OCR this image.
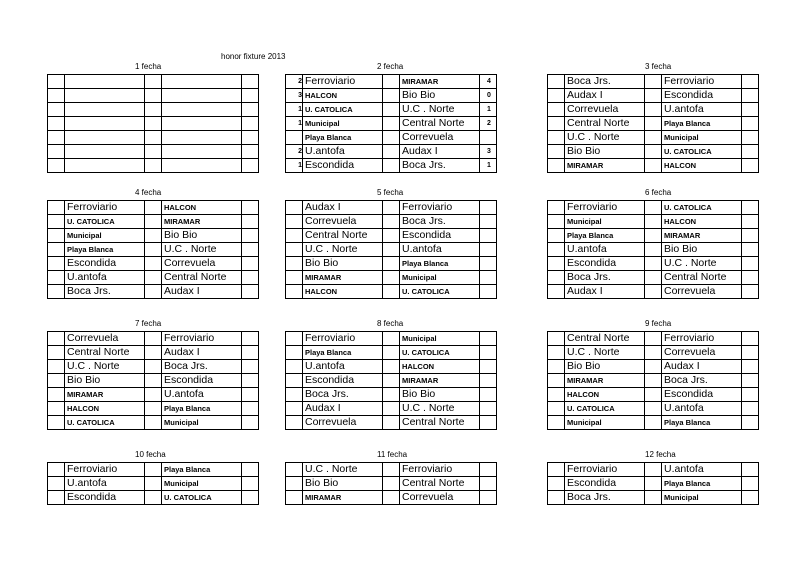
honor fixture 2013
1 fecha

					2 fecha
2	Ferroviario		MIRAMAR	4
3	HALCON		Bio Bio	0
1	U. CATOLICA		U.C . Norte	1
1	Municipal		Central Norte	2
	Playa Blanca		Correvuela	
2	U.antofa		Audax I	3
1	Escondida		Boca Jrs.	1
3 fecha
	Boca Jrs.		Ferroviario	
	Audax I		Escondida	
	Correvuela		U.antofa	
	Central Norte		Playa Blanca	
	U.C . Norte		Municipal	
	Bio Bio		U. CATOLICA	
	MIRAMAR		HALCON	
4 fecha
	Ferroviario		HALCON	
	U. CATOLICA		MIRAMAR	
	Municipal		Bio Bio	
	Playa Blanca		U.C . Norte	
	Escondida		Correvuela	
	U.antofa		Central Norte	
	Boca Jrs.		Audax I	
5 fecha
	Audax I		Ferroviario	
	Correvuela		Boca Jrs.	
	Central Norte		Escondida	
	U.C . Norte		U.antofa	
	Bio Bio		Playa Blanca	
	MIRAMAR		Municipal	
	HALCON		U. CATOLICA	
6 fecha
	Ferroviario		U. CATOLICA	
	Municipal		HALCON	
	Playa Blanca		MIRAMAR	
	U.antofa		Bio Bio	
	Escondida		U.C . Norte	
	Boca Jrs.		Central Norte	
	Audax I		Correvuela	
7 fecha
	Correvuela		Ferroviario	
	Central Norte		Audax I	
	U.C . Norte		Boca Jrs.	
	Bio Bio		Escondida	
	MIRAMAR		U.antofa	
	HALCON		Playa Blanca	
	U. CATOLICA		Municipal	
8 fecha
	Ferroviario		Municipal	
	Playa Blanca		U. CATOLICA	
	U.antofa		HALCON	
	Escondida		MIRAMAR	
	Boca Jrs.		Bio Bio	
	Audax I		U.C . Norte	
	Correvuela		Central Norte	
9 fecha
	Central Norte		Ferroviario	
	U.C . Norte		Correvuela	
	Bio Bio		Audax I	
	MIRAMAR		Boca Jrs.	
	HALCON		Escondida	
	U. CATOLICA		U.antofa	
	Municipal		Playa Blanca	
10 fecha
	Ferroviario		Playa Blanca	
	U.antofa		Municipal	
	Escondida		U. CATOLICA	
11 fecha
	U.C . Norte		Ferroviario	
	Bio Bio		Central Norte	
	MIRAMAR		Correvuela	
12 fecha
	Ferroviario		U.antofa	
	Escondida		Playa Blanca	
	Boca Jrs.		Municipal	
